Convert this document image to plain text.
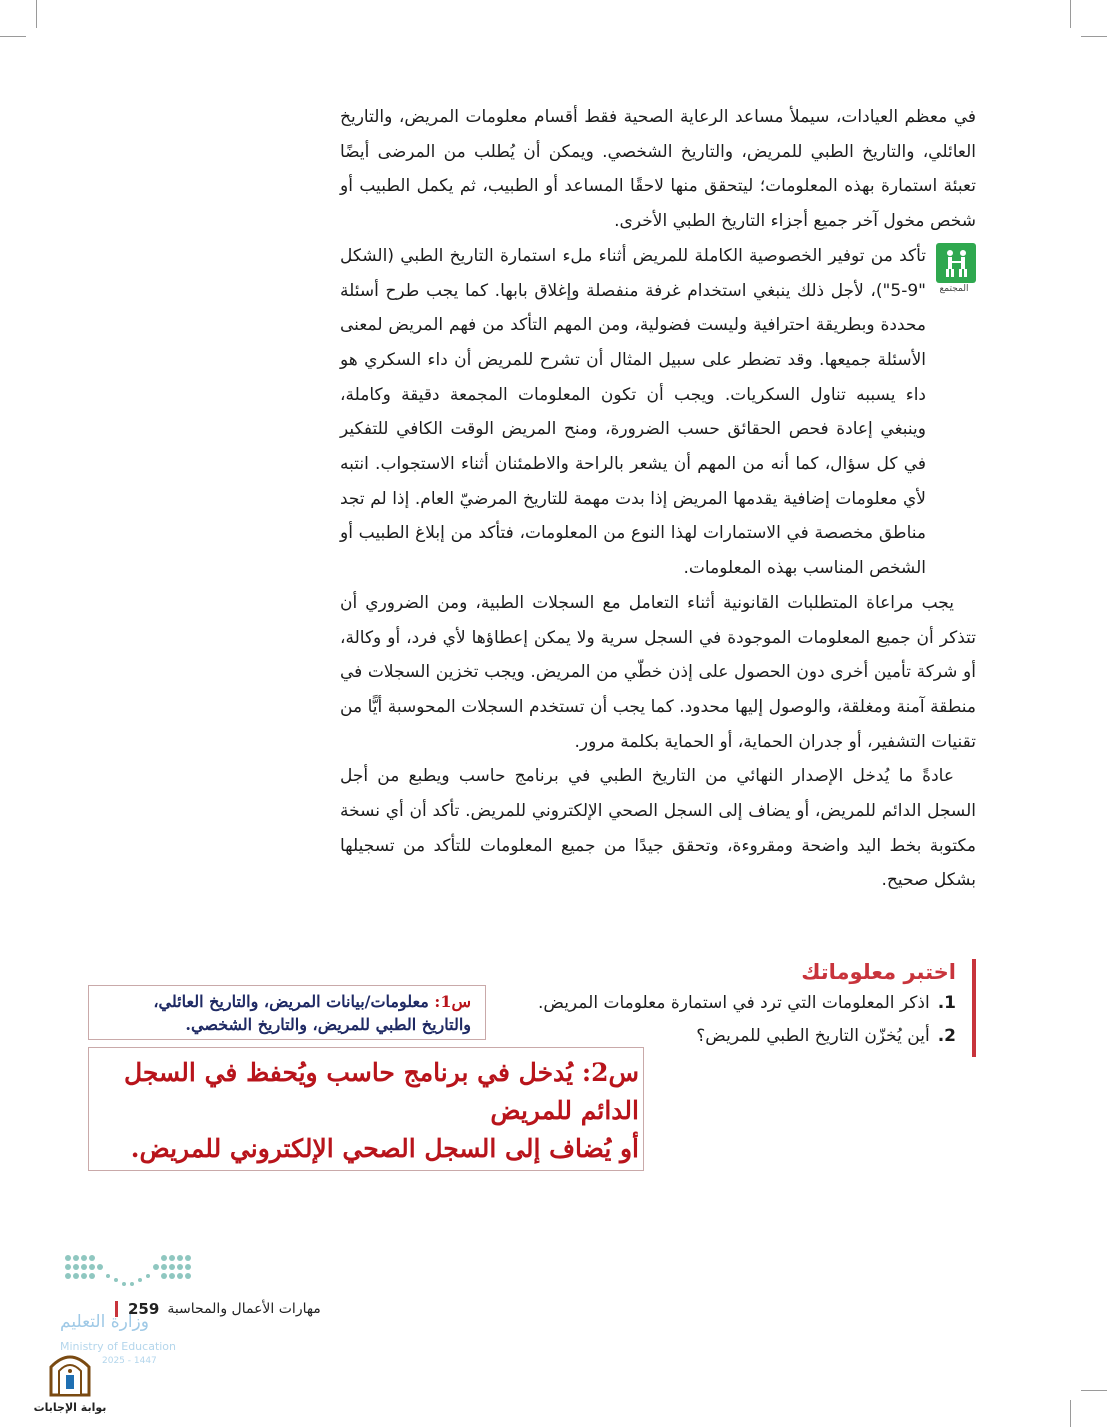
في معظم العيادات، سيملأ مساعد الرعاية الصحية فقط أقسام معلومات المريض، والتاريخ العائلي، والتاريخ الطبي للمريض، والتاريخ الشخصي. ويمكن أن يُطلب من المرضى أيضًا تعبئة استمارة بهذه المعلومات؛ ليتحقق منها لاحقًا المساعد أو الطبيب، ثم يكمل الطبيب أو شخص مخول آخر جميع أجزاء التاريخ الطبي الأخرى.

المجتمع

تأكد من توفير الخصوصية الكاملة للمريض أثناء ملء استمارة التاريخ الطبي (الشكل "9-5")، لأجل ذلك ينبغي استخدام غرفة منفصلة وإغلاق بابها. كما يجب طرح أسئلة محددة وبطريقة احترافية وليست فضولية، ومن المهم التأكد من فهم المريض لمعنى الأسئلة جميعها. وقد تضطر على سبيل المثال أن تشرح للمريض أن داء السكري هو داء يسببه تناول السكريات. ويجب أن تكون المعلومات المجمعة دقيقة وكاملة، وينبغي إعادة فحص الحقائق حسب الضرورة، ومنح المريض الوقت الكافي للتفكير في كل سؤال، كما أنه من المهم أن يشعر بالراحة والاطمئنان أثناء الاستجواب. انتبه لأي معلومات إضافية يقدمها المريض إذا بدت مهمة للتاريخ المرضيّ العام. إذا لم تجد مناطق مخصصة في الاستمارات لهذا النوع من المعلومات، فتأكد من إبلاغ الطبيب أو الشخص المناسب بهذه المعلومات.

يجب مراعاة المتطلبات القانونية أثناء التعامل مع السجلات الطبية، ومن الضروري أن تتذكر أن جميع المعلومات الموجودة في السجل سرية ولا يمكن إعطاؤها لأي فرد، أو وكالة، أو شركة تأمين أخرى دون الحصول على إذن خطّي من المريض. ويجب تخزين السجلات في منطقة آمنة ومغلقة، والوصول إليها محدود. كما يجب أن تستخدم السجلات المحوسبة أيًّا من تقنيات التشفير، أو جدران الحماية، أو الحماية بكلمة مرور.

عادةً ما يُدخل الإصدار النهائي من التاريخ الطبي في برنامج حاسب ويطبع من أجل السجل الدائم للمريض، أو يضاف إلى السجل الصحي الإلكتروني للمريض. تأكد أن أي نسخة مكتوبة بخط اليد واضحة ومقروءة، وتحقق جيدًا من جميع المعلومات للتأكد من تسجيلها بشكل صحيح.

اختبر معلوماتك
1.اذكر المعلومات التي ترد في استمارة معلومات المريض.
2.أين يُخزّن التاريخ الطبي للمريض؟
س1: معلومات/بيانات المريض، والتاريخ العائلي، والتاريخ الطبي للمريض، والتاريخ الشخصي.
س2: يُدخل في برنامج حاسب ويُحفظ في السجل الدائم للمريض
أو يُضاف إلى السجل الصحي الإلكتروني للمريض.
مهارات الأعمال والمحاسبة
259
وزارة التعليم
Ministry of Education
2025 - 1447
بوابة الإجابات
